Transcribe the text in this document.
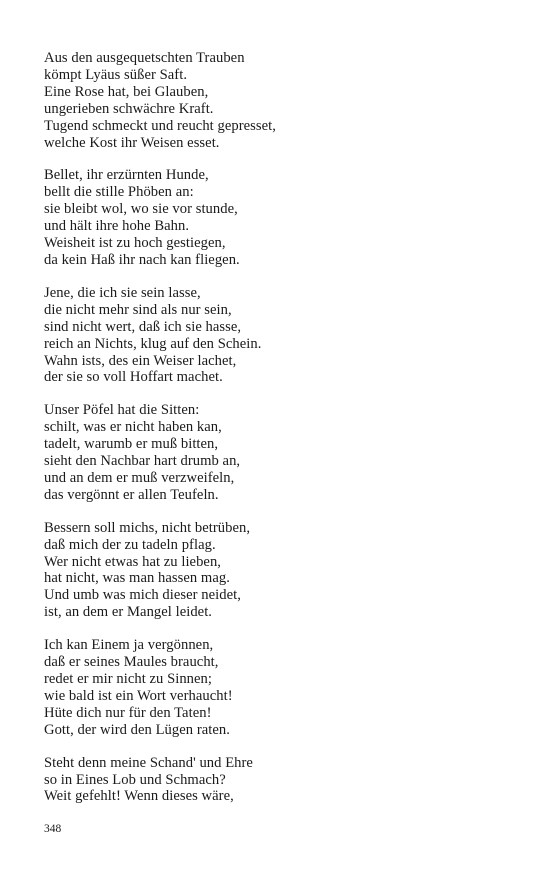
Aus den ausgequetschten Trauben
kömpt Lyäus süßer Saft.
Eine Rose hat, bei Glauben,
ungerieben schwächre Kraft.
Tugend schmeckt und reucht gepresset,
welche Kost ihr Weisen esset.
Bellet, ihr erzürnten Hunde,
bellt die stille Phöben an:
sie bleibt wol, wo sie vor stunde,
und hält ihre hohe Bahn.
Weisheit ist zu hoch gestiegen,
da kein Haß ihr nach kan fliegen.
Jene, die ich sie sein lasse,
die nicht mehr sind als nur sein,
sind nicht wert, daß ich sie hasse,
reich an Nichts, klug auf den Schein.
Wahn ists, des ein Weiser lachet,
der sie so voll Hoffart machet.
Unser Pöfel hat die Sitten:
schilt, was er nicht haben kan,
tadelt, warumb er muß bitten,
sieht den Nachbar hart drumb an,
und an dem er muß verzweifeln,
das vergönnt er allen Teufeln.
Bessern soll michs, nicht betrüben,
daß mich der zu tadeln pflag.
Wer nicht etwas hat zu lieben,
hat nicht, was man hassen mag.
Und umb was mich dieser neidet,
ist, an dem er Mangel leidet.
Ich kan Einem ja vergönnen,
daß er seines Maules braucht,
redet er mir nicht zu Sinnen;
wie bald ist ein Wort verhaucht!
Hüte dich nur für den Taten!
Gott, der wird den Lügen raten.
Steht denn meine Schand' und Ehre
so in Eines Lob und Schmach?
Weit gefehlt! Wenn dieses wäre,
348
